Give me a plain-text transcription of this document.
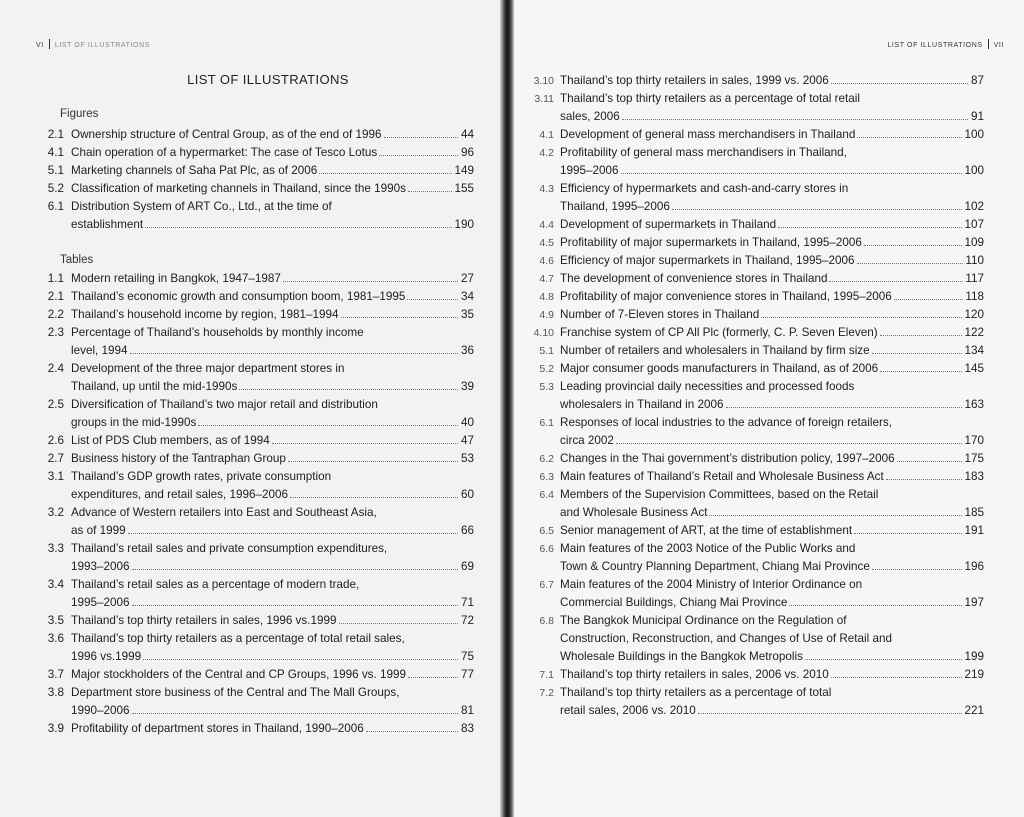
VI LIST OF ILLUSTRATIONS
LIST OF ILLUSTRATIONS
Figures
2.1 Ownership structure of Central Group, as of the end of 1996	44
4.1 Chain operation of a hypermarket: The case of Tesco Lotus	96
5.1 Marketing channels of Saha Pat Plc, as of 2006	149
5.2 Classification of marketing channels in Thailand, since the 1990s	155
6.1 Distribution System of ART Co., Ltd., at the time of
establishment	190
Tables
1.1 Modern retailing in Bangkok, 1947–1987	27
2.1 Thailand’s economic growth and consumption boom, 1981–1995	34
2.2 Thailand’s household income by region, 1981–1994	35
2.3 Percentage of Thailand’s households by monthly income
level, 1994	36
2.4 Development of the three major department stores in
Thailand, up until the mid-1990s	39
2.5 Diversification of Thailand’s two major retail and distribution
groups in the mid-1990s	40
2.6 List of PDS Club members, as of 1994	47
2.7 Business history of the Tantraphan Group	53
3.1 Thailand’s GDP growth rates, private consumption
expenditures, and retail sales, 1996–2006	60
3.2 Advance of Western retailers into East and Southeast Asia,
as of 1999	66
3.3 Thailand’s retail sales and private consumption expenditures,
1993–2006	69
3.4 Thailand’s retail sales as a percentage of modern trade,
1995–2006	71
3.5 Thailand’s top thirty retailers in sales, 1996 vs.1999	72
3.6 Thailand’s top thirty retailers as a percentage of total retail sales,
1996 vs.1999	75
3.7 Major stockholders of the Central and CP Groups, 1996 vs. 1999	77
3.8 Department store business of the Central and The Mall Groups,
1990–2006	81
3.9 Profitability of department stores in Thailand, 1990–2006	83
LIST OF ILLUSTRATIONS VII
3.10 Thailand’s top thirty retailers in sales, 1999 vs. 2006	87
3.11 Thailand’s top thirty retailers as a percentage of total retail
sales, 2006	91
4.1 Development of general mass merchandisers in Thailand	100
4.2 Profitability of general mass merchandisers in Thailand,
1995–2006	100
4.3 Efficiency of hypermarkets and cash-and-carry stores in
Thailand, 1995–2006	102
4.4 Development of supermarkets in Thailand	107
4.5 Profitability of major supermarkets in Thailand, 1995–2006	109
4.6 Efficiency of major supermarkets in Thailand, 1995–2006	110
4.7 The development of convenience stores in Thailand	117
4.8 Profitability of major convenience stores in Thailand, 1995–2006	118
4.9 Number of 7-Eleven stores in Thailand	120
4.10 Franchise system of CP All Plc (formerly, C. P. Seven Eleven)	122
5.1 Number of retailers and wholesalers in Thailand by firm size	134
5.2 Major consumer goods manufacturers in Thailand, as of 2006	145
5.3 Leading provincial daily necessities and processed foods
wholesalers in Thailand in 2006	163
6.1 Responses of local industries to the advance of foreign retailers,
circa 2002	170
6.2 Changes in the Thai government’s distribution policy, 1997–2006	175
6.3 Main features of Thailand’s Retail and Wholesale Business Act	183
6.4 Members of the Supervision Committees, based on the Retail
and Wholesale Business Act	185
6.5 Senior management of ART, at the time of establishment	191
6.6 Main features of the 2003 Notice of the Public Works and
Town & Country Planning Department, Chiang Mai Province	196
6.7 Main features of the 2004 Ministry of Interior Ordinance on
Commercial Buildings, Chiang Mai Province	197
6.8 The Bangkok Municipal Ordinance on the Regulation of
Construction, Reconstruction, and Changes of Use of Retail and
Wholesale Buildings in the Bangkok Metropolis	199
7.1 Thailand’s top thirty retailers in sales, 2006 vs. 2010	219
7.2 Thailand’s top thirty retailers as a percentage of total
retail sales, 2006 vs. 2010	221
